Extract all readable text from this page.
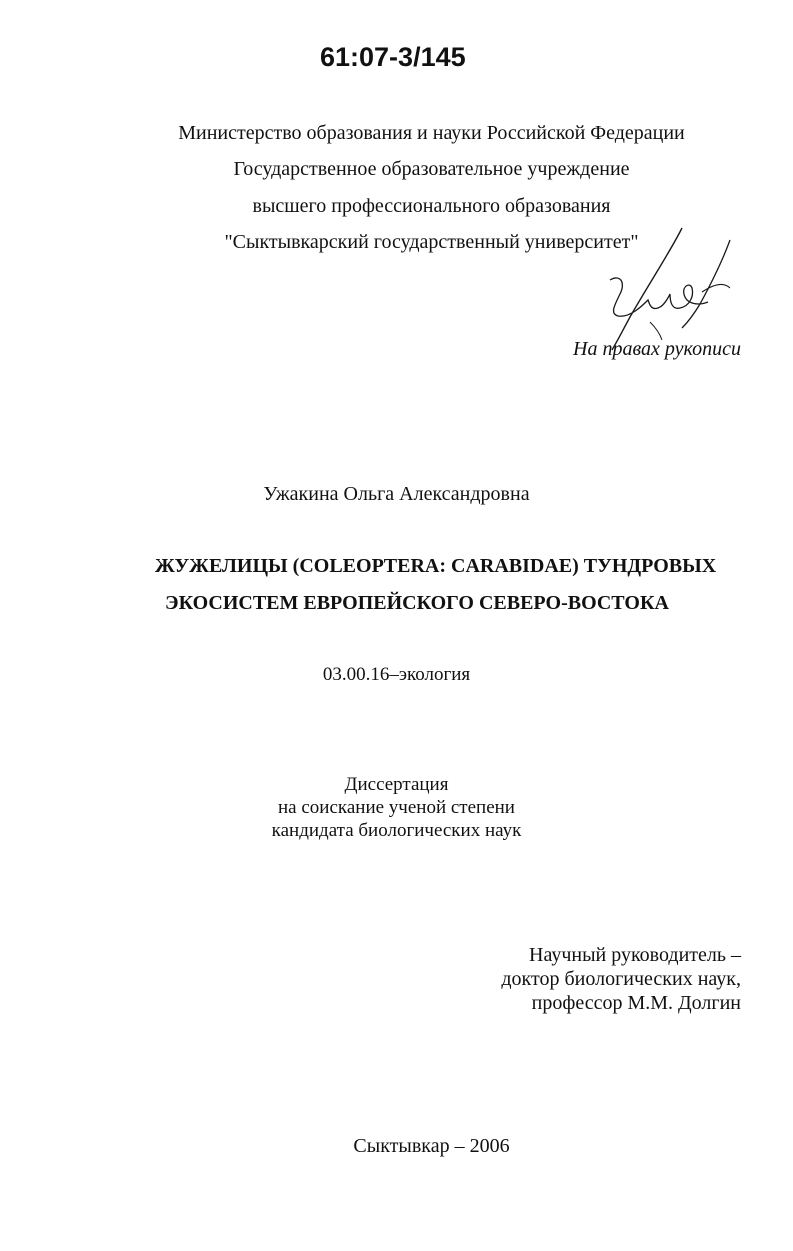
61:07-3/145
Министерство образования и науки Российской Федерации
Государственное образовательное учреждение
высшего профессионального образования
"Сыктывкарский государственный университет"
На правах рукописи
Ужакина Ольга Александровна
ЖУЖЕЛИЦЫ (COLEOPTERA: CARABIDAE) ТУНДРОВЫХ
ЭКОСИСТЕМ ЕВРОПЕЙСКОГО СЕВЕРО-ВОСТОКА
03.00.16–экология
Диссертация
на соискание ученой степени
кандидата биологических наук
Научный руководитель –
доктор биологических наук,
профессор М.М. Долгин
Сыктывкар – 2006
